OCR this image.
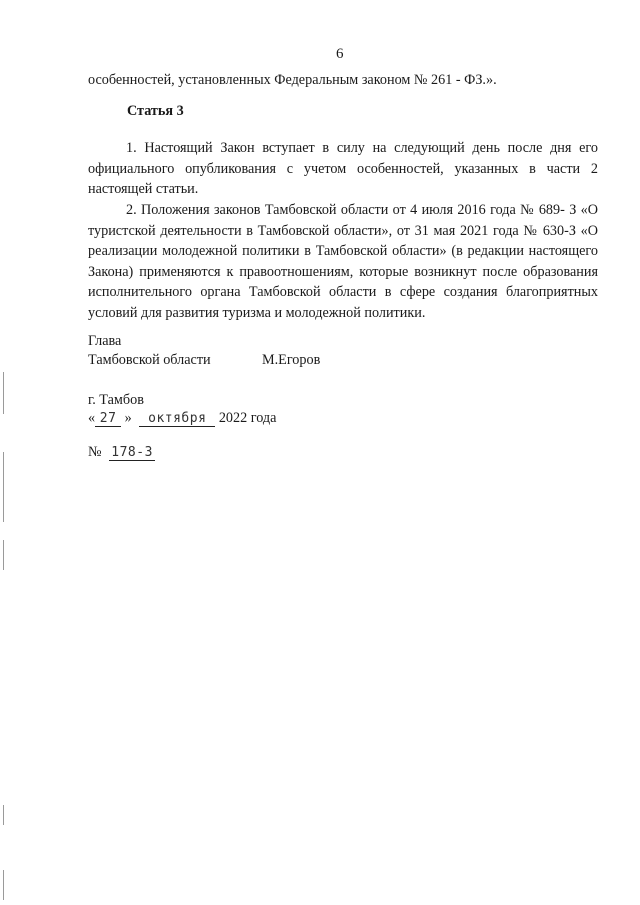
6
особенностей, установленных Федеральным законом № 261 - ФЗ.».
Статья 3
1. Настоящий Закон вступает в силу на следующий день после дня его официального опубликования с учетом особенностей, указанных в части 2 настоящей статьи.
2. Положения законов Тамбовской области от 4 июля 2016 года № 689- З «О туристской деятельности в Тамбовской области», от 31 мая 2021 года № 630-З «О реализации молодежной политики в Тамбовской области» (в редакции настоящего Закона) применяются к правоотношениям, которые возникнут после образования исполнительного органа Тамбовской области в сфере создания благоприятных условий для развития туризма и молодежной политики.
Глава
Тамбовской области	М.Егоров
г. Тамбов
« 27 » октября 2022 года
№ 178-З
